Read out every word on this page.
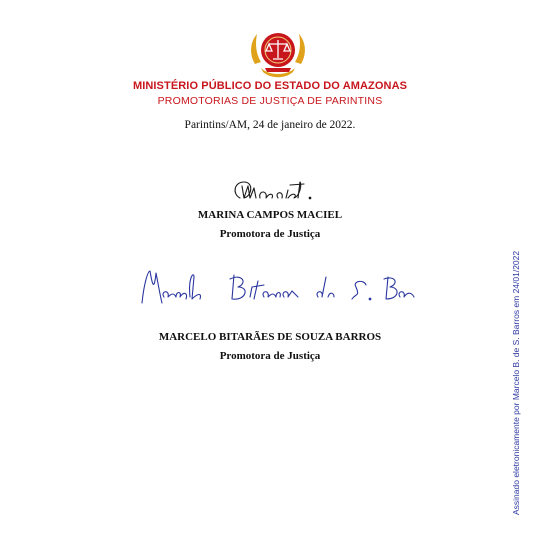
MINISTÉRIO PÚBLICO DO ESTADO DO AMAZONAS
PROMOTORIAS DE JUSTIÇA DE PARINTINS
Parintins/AM, 24 de janeiro de 2022.
MARINA CAMPOS MACIEL
Promotora de Justiça
MARCELO BITARÃES DE SOUZA BARROS
Promotora de Justiça	Assinado eletronicamente por Marcelo B. de S. Barros em 24/01/2022
